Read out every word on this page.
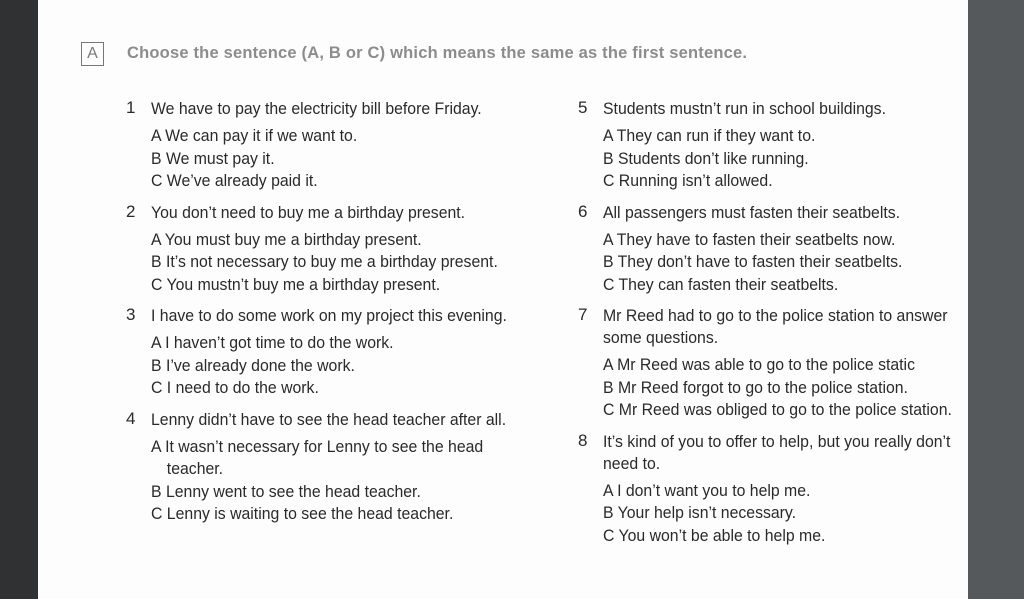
A	Choose the sentence (A, B or C) which means the same as the first sentence.
1 We have to pay the electricity bill before Friday.
A We can pay it if we want to.
B We must pay it.
C We’ve already paid it.
2 You don’t need to buy me a birthday present.
A You must buy me a birthday present.
B It’s not necessary to buy me a birthday present.
C You mustn’t buy me a birthday present.
3 I have to do some work on my project this evening.
A I haven’t got time to do the work.
B I’ve already done the work.
C I need to do the work.
4 Lenny didn’t have to see the head teacher after all.
A It wasn’t necessary for Lenny to see the head teacher.
B Lenny went to see the head teacher.
C Lenny is waiting to see the head teacher.
5 Students mustn’t run in school buildings.
A They can run if they want to.
B Students don’t like running.
C Running isn’t allowed.
6 All passengers must fasten their seatbelts.
A They have to fasten their seatbelts now.
B They don’t have to fasten their seatbelts.
C They can fasten their seatbelts.
7 Mr Reed had to go to the police station to answer some questions.
A Mr Reed was able to go to the police static
B Mr Reed forgot to go to the police station.
C Mr Reed was obliged to go to the police station.
8 It’s kind of you to offer to help, but you really don’t need to.
A I don’t want you to help me.
B Your help isn’t necessary.
C You won’t be able to help me.
